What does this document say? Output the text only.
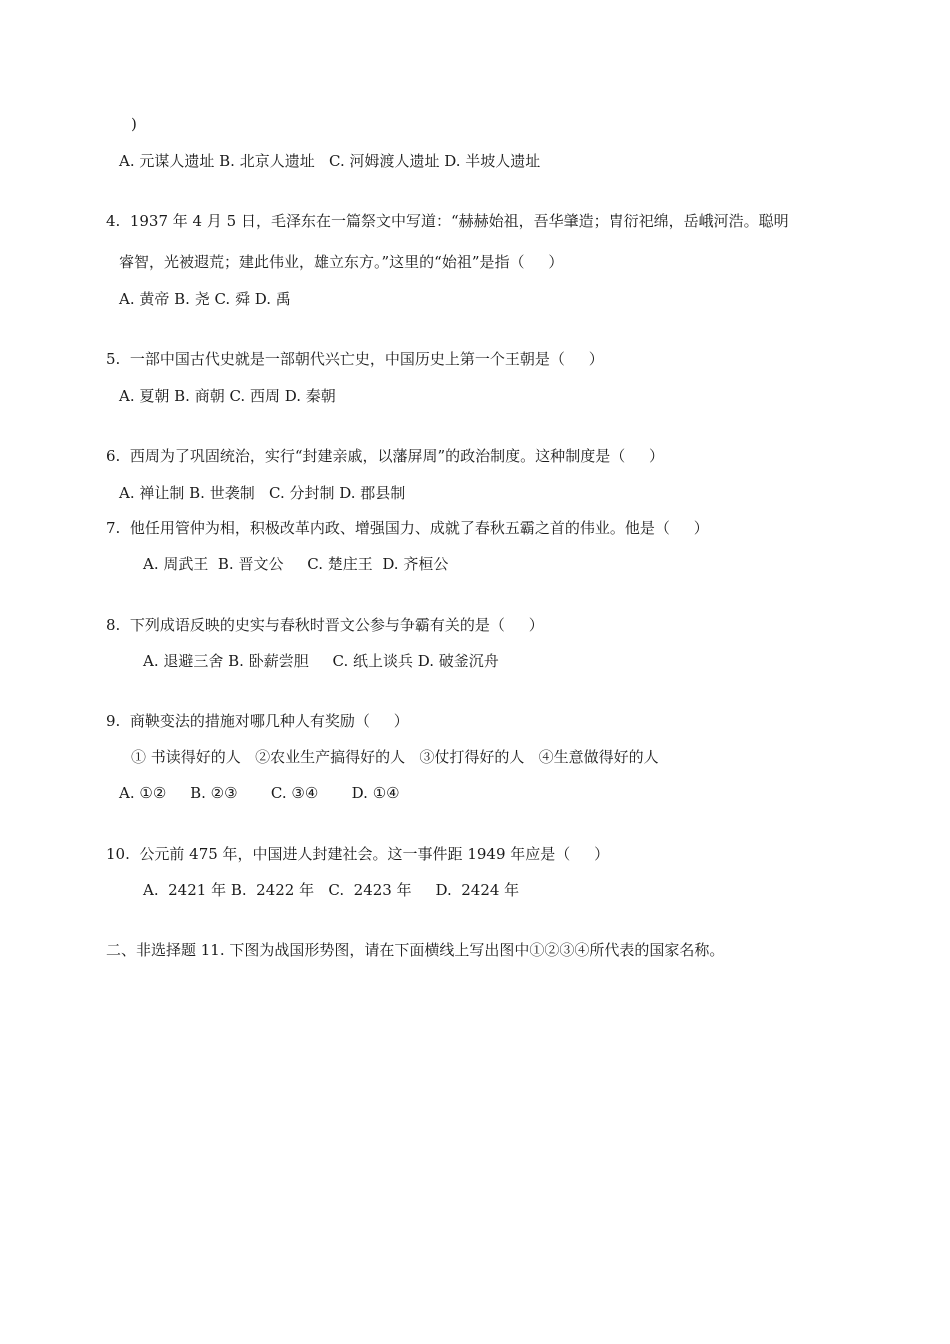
)
A. 元谋人遗址 B. 北京人遗址   C. 河姆渡人遗址 D. 半坡人遗址
4.  1937 年 4 月 5 日，毛泽东在一篇祭文中写道：“赫赫始祖，吾华肇造；胄衍祀绵，岳峨河浩。聪明
睿智，光被遐荒；建此伟业，雄立东方。”这里的“始祖”是指（     ）
A. 黄帝 B. 尧 C. 舜 D. 禹
5.  一部中国古代史就是一部朝代兴亡史，中国历史上第一个王朝是（     ）
A. 夏朝 B. 商朝 C. 西周 D. 秦朝
6.  西周为了巩固统治，实行“封建亲戚，以藩屏周”的政治制度。这种制度是（     ）
A. 禅让制 B. 世袭制   C. 分封制 D. 郡县制
7.  他任用管仲为相，积极改革内政、增强国力、成就了春秋五霸之首的伟业。他是（     ）
A. 周武王  B. 晋文公     C. 楚庄王  D. 齐桓公
8.  下列成语反映的史实与春秋时晋文公参与争霸有关的是（     ）
A. 退避三舍 B. 卧薪尝胆     C. 纸上谈兵 D. 破釜沉舟
9.  商鞅变法的措施对哪几种人有奖励（     ）
① 书读得好的人   ②农业生产搞得好的人   ③仗打得好的人   ④生意做得好的人
A. ①②     B. ②③       C. ③④       D. ①④
10.  公元前 475 年，中国进人封建社会。这一事件距 1949 年应是（     ）
A.  2421 年 B.  2422 年   C.  2423 年     D.  2424 年
二、非选择题 11. 下图为战国形势图，请在下面横线上写出图中①②③④所代表的国家名称。
